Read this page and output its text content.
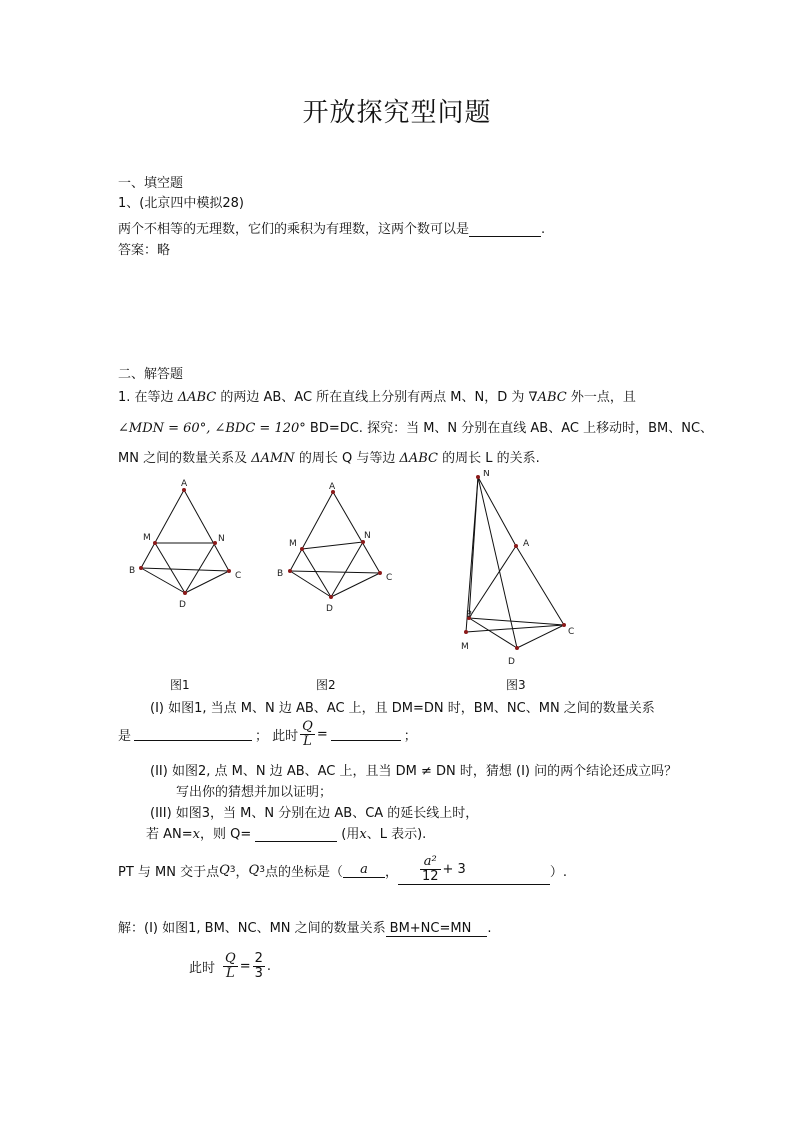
开放探究型问题
一、填空题
1、(北京四中模拟28)
两个不相等的无理数，它们的乘积为有理数，这两个数可以是	.
答案：略
二、解答题
1. 在等边 ΔABC 的两边 AB、AC 所在直线上分别有两点 M、N，D 为 ∇ABC 外一点，且
∠MDN = 60°, ∠BDC = 120° BD=DC. 探究：当 M、N 分别在直线 AB、AC 上移动时，BM、NC、
MN 之间的数量关系及 ΔAMN 的周长 Q 与等边 ΔABC 的周长 L 的关系.
A
B	C
D
M	N
A
B	C
D
M
N
N
A
B
C
D
M
图1	图2	图3
(I) 如图1, 当点 M、N 边 AB、AC 上，且 DM=DN 时，BM、NC、MN 之间的数量关系
是	； 此时 $\frac{Q}{L}$ =	；
(II) 如图2, 点 M、N 边 AB、AC 上，且当 DM ≠ DN 时，猜想 (I) 问的两个结论还成立吗？
写出你的猜想并加以证明；
(III) 如图3，当 M、N 分别在边 AB、CA 的延长线上时，
若 AN=x，则 Q=	(用x、L 表示).
PT 与 MN 交于点 Q 3 ， Q 3 点的坐标是（	a	， $\frac{\text{a²}}{12} + 3$	）.
解：(I) 如图1, BM、NC、MN 之间的数量关系 BM+NC=MN .
此时 $\frac{Q}{L} = \frac{2}{3}$ .
